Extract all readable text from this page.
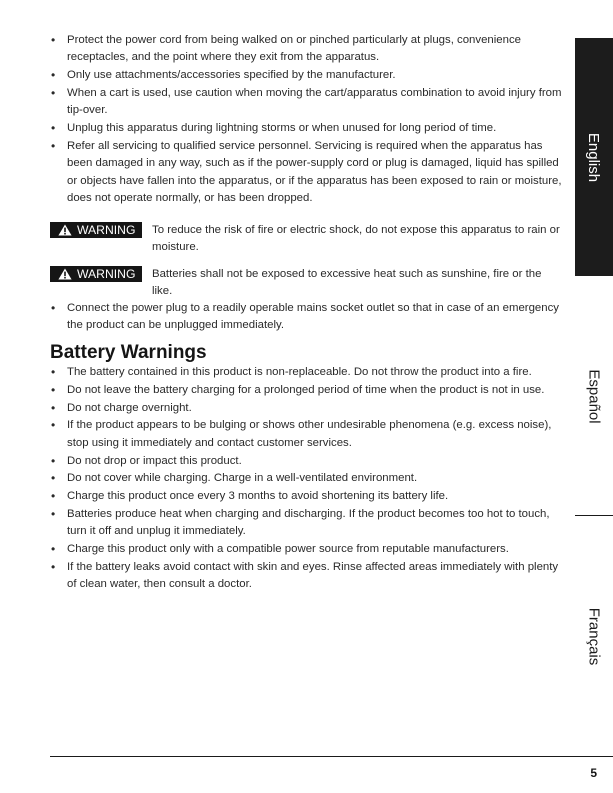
• Protect the power cord from being walked on or pinched particularly at plugs, convenience receptacles, and the point where they exit from the apparatus.
• Only use attachments/accessories specified by the manufacturer.
• When a cart is used, use caution when moving the cart/apparatus combination to avoid injury from tip-over.
• Unplug this apparatus during lightning storms or when unused for long period of time.
• Refer all servicing to qualified service personnel. Servicing is required when the apparatus has been damaged in any way, such as if the power-supply cord or plug is damaged, liquid has spilled or objects have fallen into the apparatus, or if the apparatus has been exposed to rain or moisture, does not operate normally, or has been dropped.
WARNING To reduce the risk of fire or electric shock, do not expose this apparatus to rain or moisture.
WARNING Batteries shall not be exposed to excessive heat such as sunshine, fire or the like.
• Connect the power plug to a readily operable mains socket outlet so that in case of an emergency the product can be unplugged immediately.
Battery Warnings
• The battery contained in this product is non-replaceable. Do not throw the product into a fire.
• Do not leave the battery charging for a prolonged period of time when the product is not in use.
• Do not charge overnight.
• If the product appears to be bulging or shows other undesirable phenomena (e.g. excess noise), stop using it immediately and contact customer services.
• Do not drop or impact this product.
• Do not cover while charging. Charge in a well-ventilated environment.
• Charge this product once every 3 months to avoid shortening its battery life.
• Batteries produce heat when charging and discharging. If the product becomes too hot to touch, turn it off and unplug it immediately.
• Charge this product only with a compatible power source from reputable manufacturers.
• If the battery leaks avoid contact with skin and eyes. Rinse affected areas immediately with plenty of clean water, then consult a doctor.
English
Español
Français
5
